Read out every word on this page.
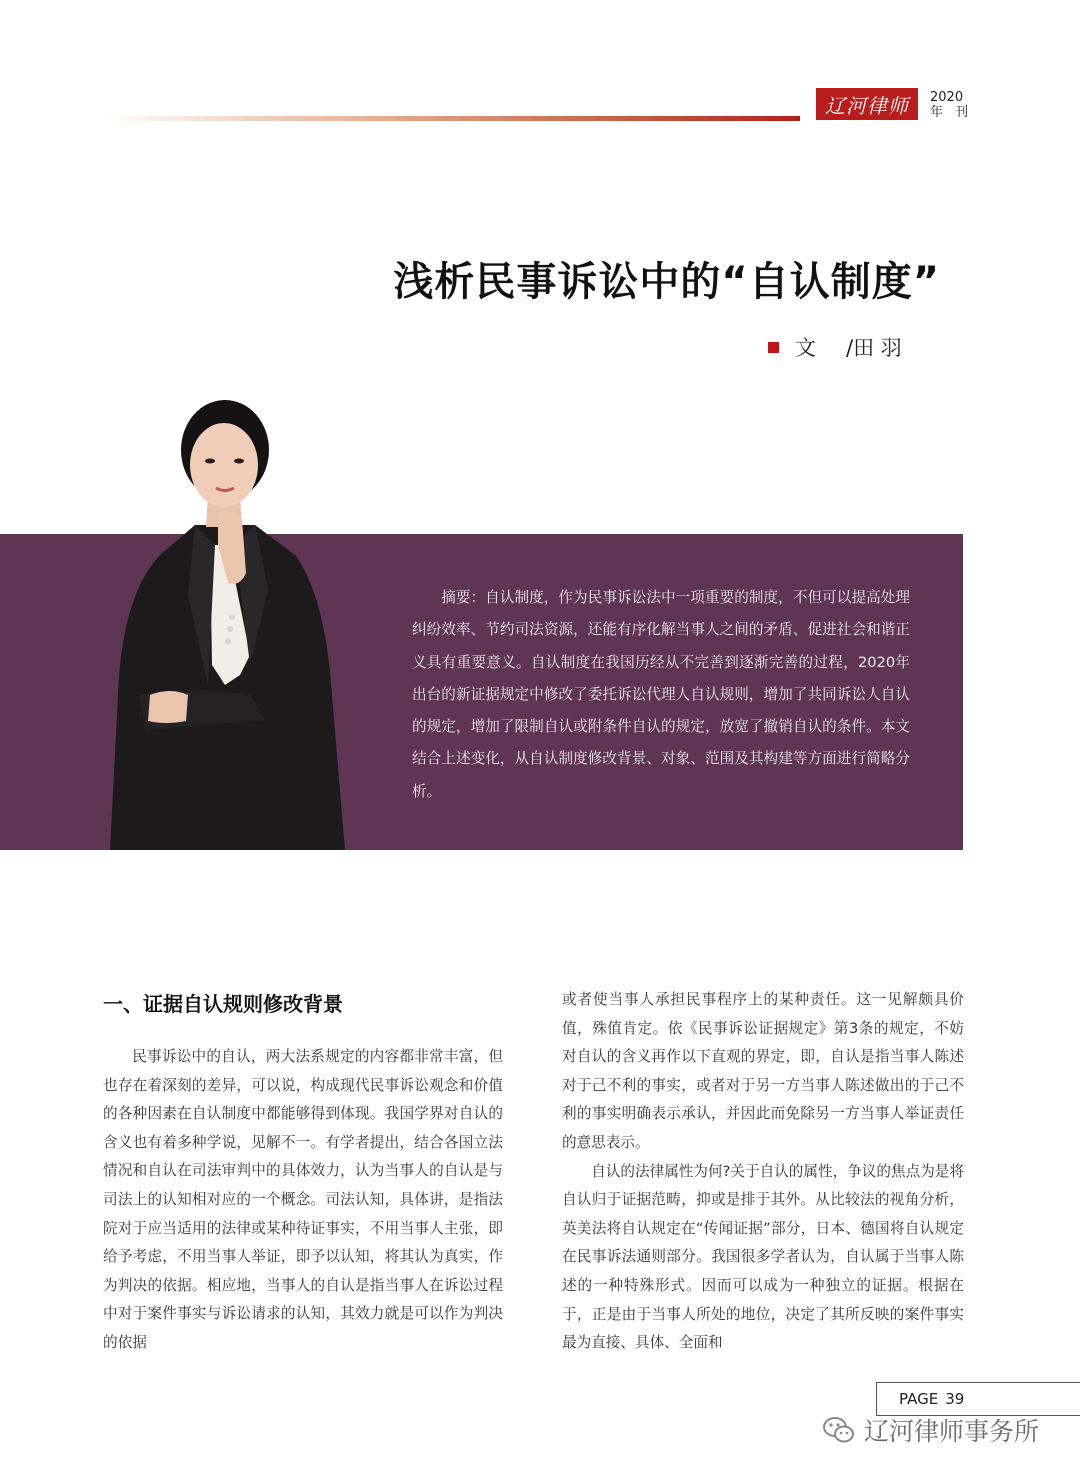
辽河律师 2020
年 刊
浅析民事诉讼中的“自认制度”
文 /田 羽

摘要：自认制度，作为民事诉讼法中一项重要的制度，不但可以提高处理纠纷效率、节约司法资源，还能有序化解当事人之间的矛盾、促进社会和谐正义具有重要意义。自认制度在我国历经从不完善到逐渐完善的过程，2020年出台的新证据规定中修改了委托诉讼代理人自认规则，增加了共同诉讼人自认的规定，增加了限制自认或附条件自认的规定，放宽了撤销自认的条件。本文结合上述变化，从自认制度修改背景、对象、范围及其构建等方面进行简略分析。

一、证据自认规则修改背景

民事诉讼中的自认，两大法系规定的内容都非常丰富，但也存在着深刻的差异，可以说，构成现代民事诉讼观念和价值的各种因素在自认制度中都能够得到体现。我国学界对自认的含义也有着多种学说，见解不一。有学者提出，结合各国立法情况和自认在司法审判中的具体效力，认为当事人的自认是与司法上的认知相对应的一个概念。司法认知，具体讲，是指法院对于应当适用的法律或某种待证事实，不用当事人主张，即给予考虑，不用当事人举证，即予以认知，将其认为真实，作为判决的依据。相应地，当事人的自认是指当事人在诉讼过程中对于案件事实与诉讼请求的认知，其效力就是可以作为判决的依据

或者使当事人承担民事程序上的某种责任。这一见解颇具价值，殊值肯定。依《民事诉讼证据规定》第3条的规定，不妨对自认的含义再作以下直观的界定，即，自认是指当事人陈述对于己不利的事实，或者对于另一方当事人陈述做出的于己不利的事实明确表示承认，并因此而免除另一方当事人举证责任的意思表示。

自认的法律属性为何?关于自认的属性，争议的焦点为是将自认归于证据范畴，抑或是排于其外。从比较法的视角分析，英美法将自认规定在“传闻证据”部分，日本、德国将自认规定在民事诉法通则部分。我国很多学者认为，自认属于当事人陈述的一种特殊形式。因而可以成为一种独立的证据。根据在于，正是由于当事人所处的地位，决定了其所反映的案件事实最为直接、具体、全面和

PAGE 39
辽河律师事务所
